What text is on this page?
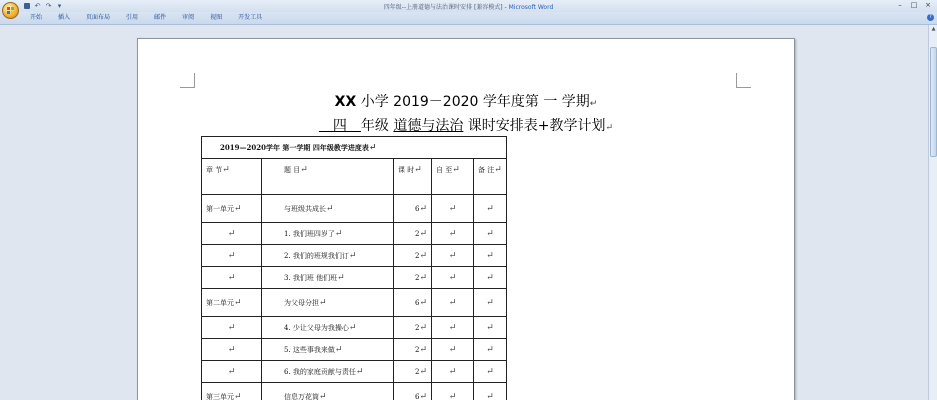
↶ ↷ ▾	四年级--上册道德与法治课时安排 [兼容模式] - Microsoft Word	–	□	×
开始	插入	页面布局	引用	邮件	审阅	视图	开发工具	?
XX 小学 2019－2020 学年度第 一 学期↵
　四　年级 道德与法治 课时安排表+教学计划↵
2019—2020学年 第一学期 四年级教学进度表↵				
章 节↵	题 目↵	课 时↵	自 至↵	备 注↵
第一单元↵	与班级共成长↵	6↵	↵	↵
↵	1. 我们班四岁了↵	2↵	↵	↵
↵	2. 我们的班规我们订↵	2↵	↵	↵
↵	3. 我们班 他们班↵	2↵	↵	↵
第二单元↵	为父母分担↵	6↵	↵	↵
↵	4. 少让父母为我操心↵	2↵	↵	↵
↵	5. 这些事我来做↵	2↵	↵	↵
↵	6. 我的家庭贡献与责任↵	2↵	↵	↵
第三单元↵	信息万花筒↵	6↵	↵	↵
▲
